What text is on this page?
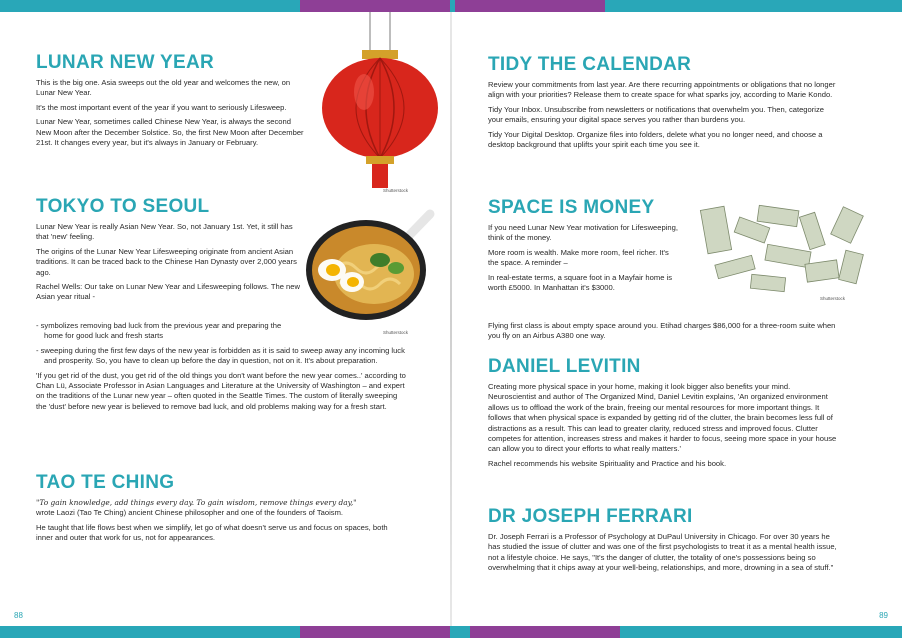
LUNAR NEW YEAR

This is the big one. Asia sweeps out the old year and welcomes the new, on Lunar New Year.

It's the most important event of the year if you want to seriously Lifesweep.

Lunar New Year, sometimes called Chinese New Year, is always the second New Moon after the December Solstice. So, the first New Moon after December 21st. It changes every year, but it's always in January or February.

Shutterstock
TOKYO TO SEOUL

Lunar New Year is really Asian New Year. So, not January 1st. Yet, it still has that 'new' feeling.

The origins of the Lunar New Year Lifesweeping originate from ancient Asian traditions. It can be traced back to the Chinese Han Dynasty over 2,000 years ago.

Rachel Wells: Our take on Lunar New Year and Lifesweeping follows. The new Asian year ritual -

Shutterstock

- symbolizes removing bad luck from the previous year and preparing the home for good luck and fresh starts

- sweeping during the first few days of the new year is forbidden as it is said to sweep away any incoming luck and prosperity. So, you have to clean up before the day in question, not on it. It's about preparation.

'If you get rid of the dust, you get rid of the old things you don't want before the new year comes..' according to Chan Lü, Associate Professor in Asian Languages and Literature at the University of Washington – and expert on the traditions of the Lunar new year – often quoted in the Seattle Times. The custom of literally sweeping the 'dust' before new year is believed to remove bad luck, and old problems making way for a fresh start.

TAO TE CHING

"To gain knowledge, add things every day. To gain wisdom, remove things every day,"

wrote Laozi (Tao Te Ching) ancient Chinese philosopher and one of the founders of Taoism.

He taught that life flows best when we simplify, let go of what doesn't serve us and focus on spaces, both inner and outer that work for us, not for appearances.

88
TIDY THE CALENDAR

Review your commitments from last year. Are there recurring appointments or obligations that no longer align with your priorities? Release them to create space for what sparks joy, according to Marie Kondo.

Tidy Your Inbox. Unsubscribe from newsletters or notifications that overwhelm you. Then, categorize your emails, ensuring your digital space serves you rather than burdens you.

Tidy Your Digital Desktop. Organize files into folders, delete what you no longer need, and choose a desktop background that uplifts your spirit each time you see it.

SPACE IS MONEY

If you need Lunar New Year motivation for Lifesweeping, think of the money.

More room is wealth. Make more room, feel richer. It's the space. A reminder –

In real-estate terms, a square foot in a Mayfair home is worth £5000. In Manhattan it's $3000.

Flying first class is about empty space around you. Etihad charges $86,000 for a three-room suite when you fly on an Airbus A380 one way.

Shutterstock
DANIEL LEVITIN

Creating more physical space in your home, making it look bigger also benefits your mind. Neuroscientist and author of The Organized Mind, Daniel Levitin explains, 'An organized environment allows us to offload the work of the brain, freeing our mental resources for more important things. It follows that when physical space is expanded by getting rid of the clutter, the brain becomes less full of distractions as a result. This can lead to greater clarity, reduced stress and improved focus. Clutter competes for attention, increases stress and makes it harder to focus, seeing more space in your house can allow you to direct your efforts to what really matters.'

Rachel recommends his website Spirituality and Practice and his book.

DR JOSEPH FERRARI

Dr. Joseph Ferrari is a Professor of Psychology at DuPaul University in Chicago. For over 30 years he has studied the issue of clutter and was one of the first psychologists to treat it as a mental health issue, not a lifestyle choice. He says, "It's the danger of clutter, the totality of one's possessions being so overwhelming that it chips away at your well-being, relationships, and more, drowning in a sea of stuff."

89
